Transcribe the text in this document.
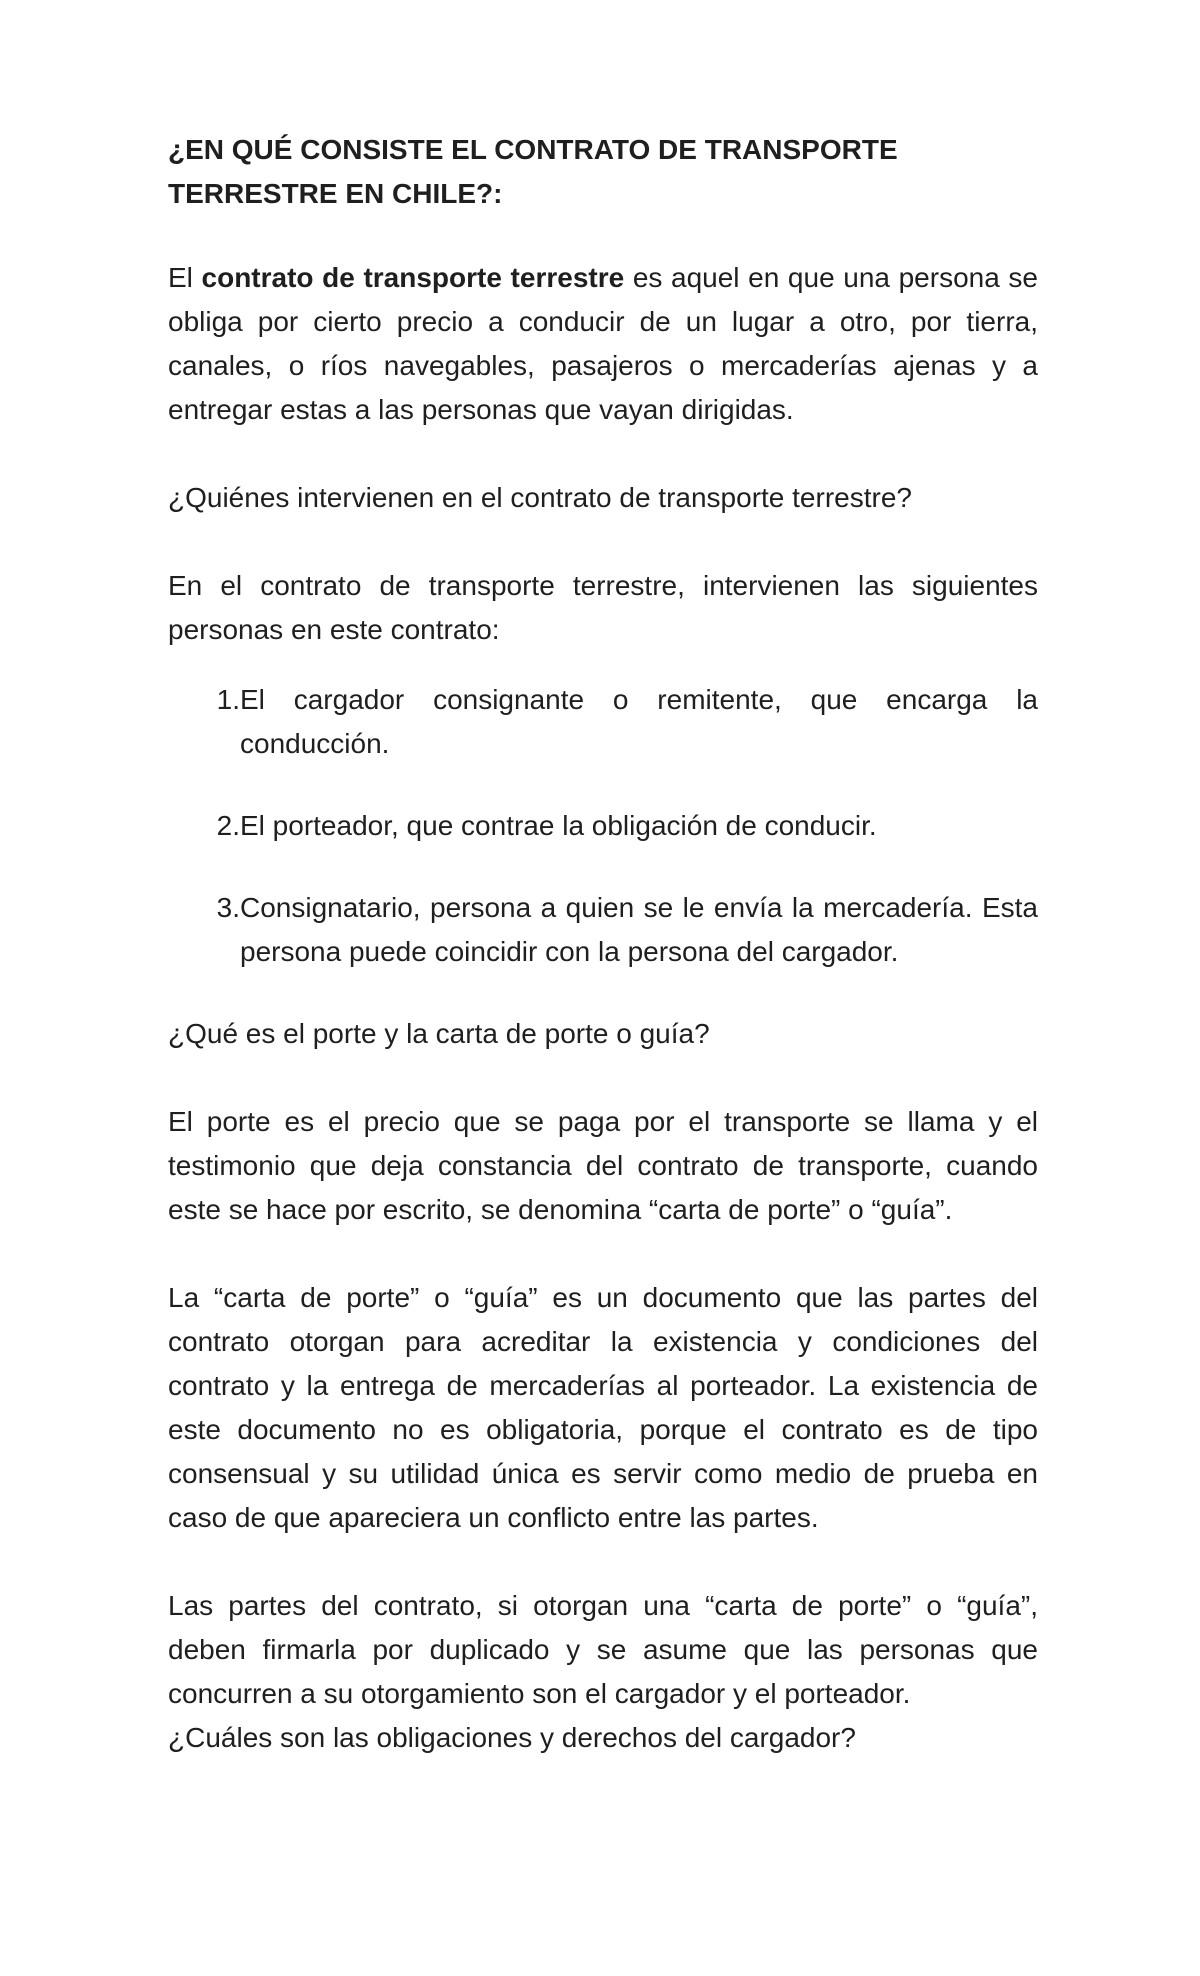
¿EN QUÉ CONSISTE EL CONTRATO DE TRANSPORTE TERRESTRE EN CHILE?:

El contrato de transporte terrestre es aquel en que una persona se obliga por cierto precio a conducir de un lugar a otro, por tierra, canales, o ríos navegables, pasajeros o mercaderías ajenas y a entregar estas a las personas que vayan dirigidas.

¿Quiénes intervienen en el contrato de transporte terrestre?

En el contrato de transporte terrestre, intervienen las siguientes personas en este contrato:

1. El cargador consignante o remitente, que encarga la conducción.
2. El porteador, que contrae la obligación de conducir.
3. Consignatario, persona a quien se le envía la mercadería. Esta persona puede coincidir con la persona del cargador.

¿Qué es el porte y la carta de porte o guía?

El porte es el precio que se paga por el transporte se llama y el testimonio que deja constancia del contrato de transporte, cuando este se hace por escrito, se denomina “carta de porte” o “guía”.

La “carta de porte” o “guía” es un documento que las partes del contrato otorgan para acreditar la existencia y condiciones del contrato y la entrega de mercaderías al porteador. La existencia de este documento no es obligatoria, porque el contrato es de tipo consensual y su utilidad única es servir como medio de prueba en caso de que apareciera un conflicto entre las partes.

Las partes del contrato, si otorgan una “carta de porte” o “guía”, deben firmarla por duplicado y se asume que las personas que concurren a su otorgamiento son el cargador y el porteador.

¿Cuáles son las obligaciones y derechos del cargador?
